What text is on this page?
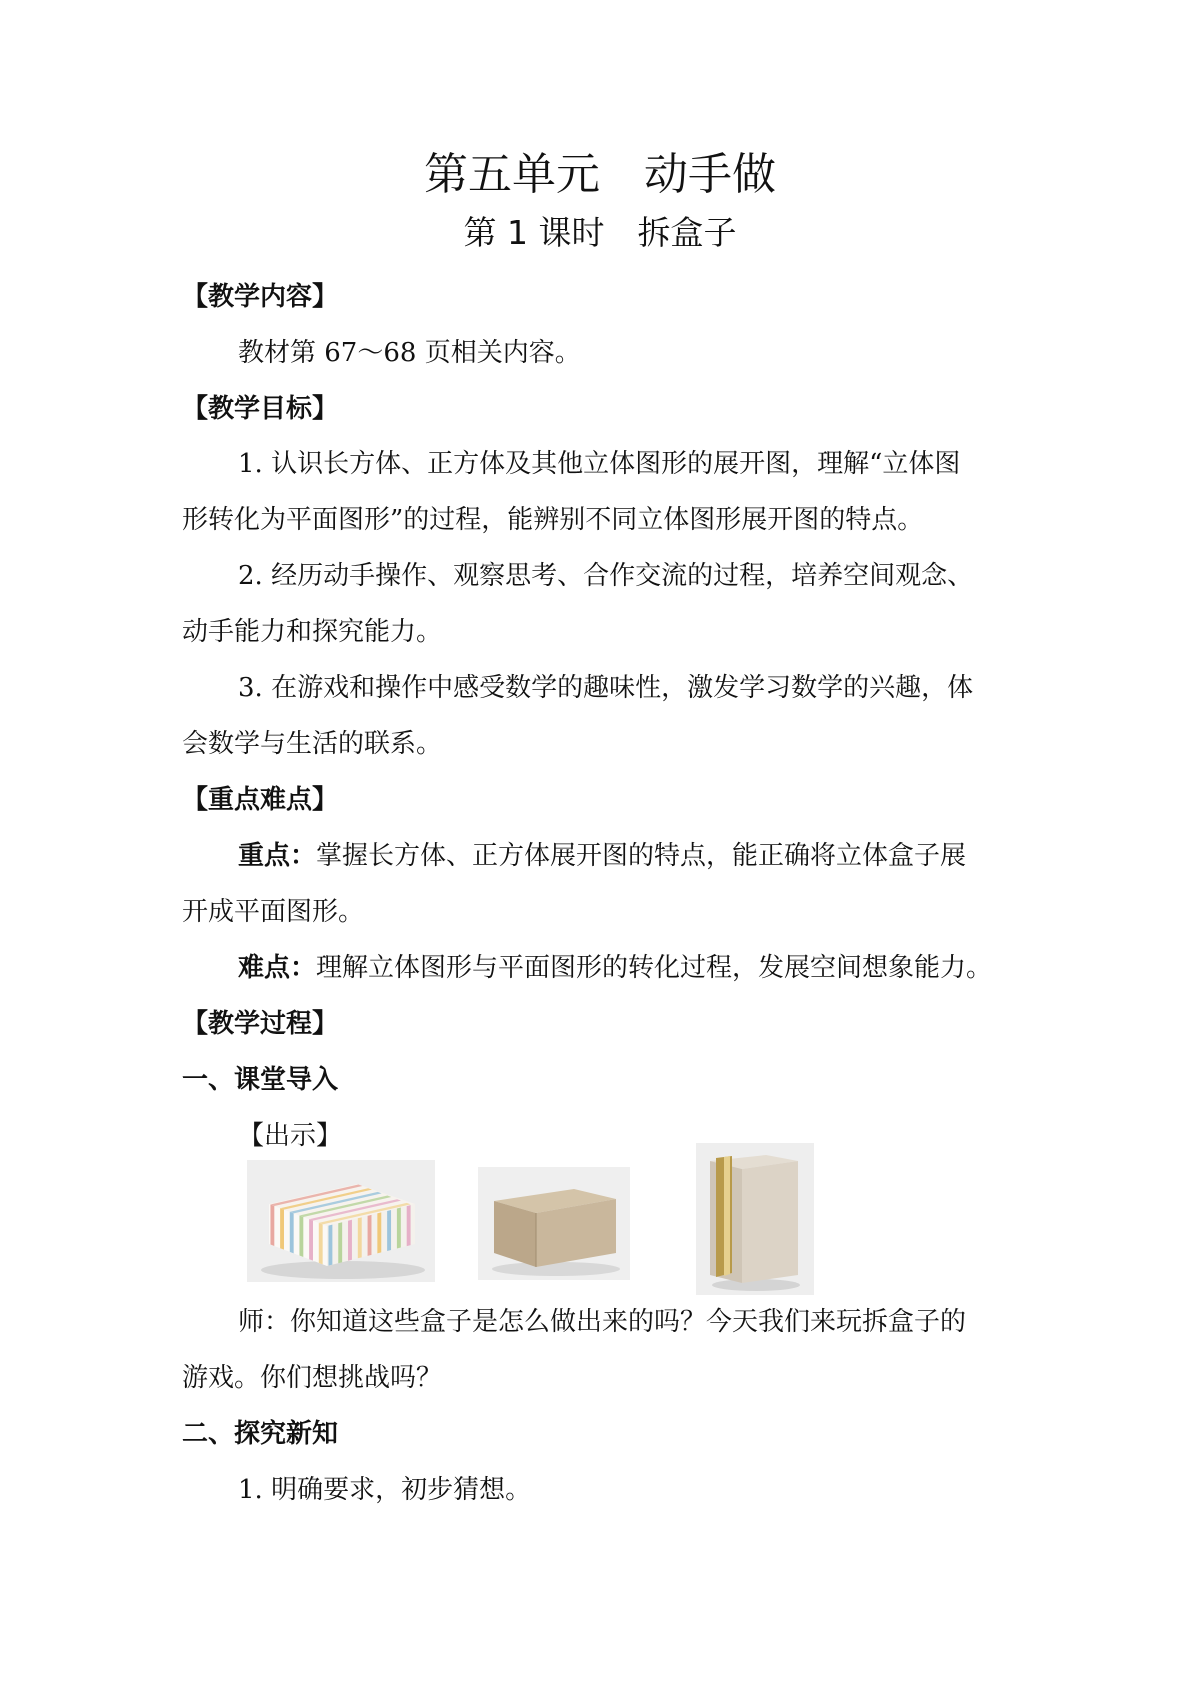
第五单元　动手做
第 1 课时　拆盒子
【教学内容】
教材第 67～68 页相关内容。
【教学目标】
1. 认识长方体、正方体及其他立体图形的展开图，理解“立体图
形转化为平面图形”的过程，能辨别不同立体图形展开图的特点。
2. 经历动手操作、观察思考、合作交流的过程，培养空间观念、
动手能力和探究能力。
3. 在游戏和操作中感受数学的趣味性，激发学习数学的兴趣，体
会数学与生活的联系。
【重点难点】
重点：掌握长方体、正方体展开图的特点，能正确将立体盒子展
开成平面图形。
难点：理解立体图形与平面图形的转化过程，发展空间想象能力。
【教学过程】
一、课堂导入
【出示】
师：你知道这些盒子是怎么做出来的吗？今天我们来玩拆盒子的
游戏。你们想挑战吗？
二、探究新知
1. 明确要求，初步猜想。
